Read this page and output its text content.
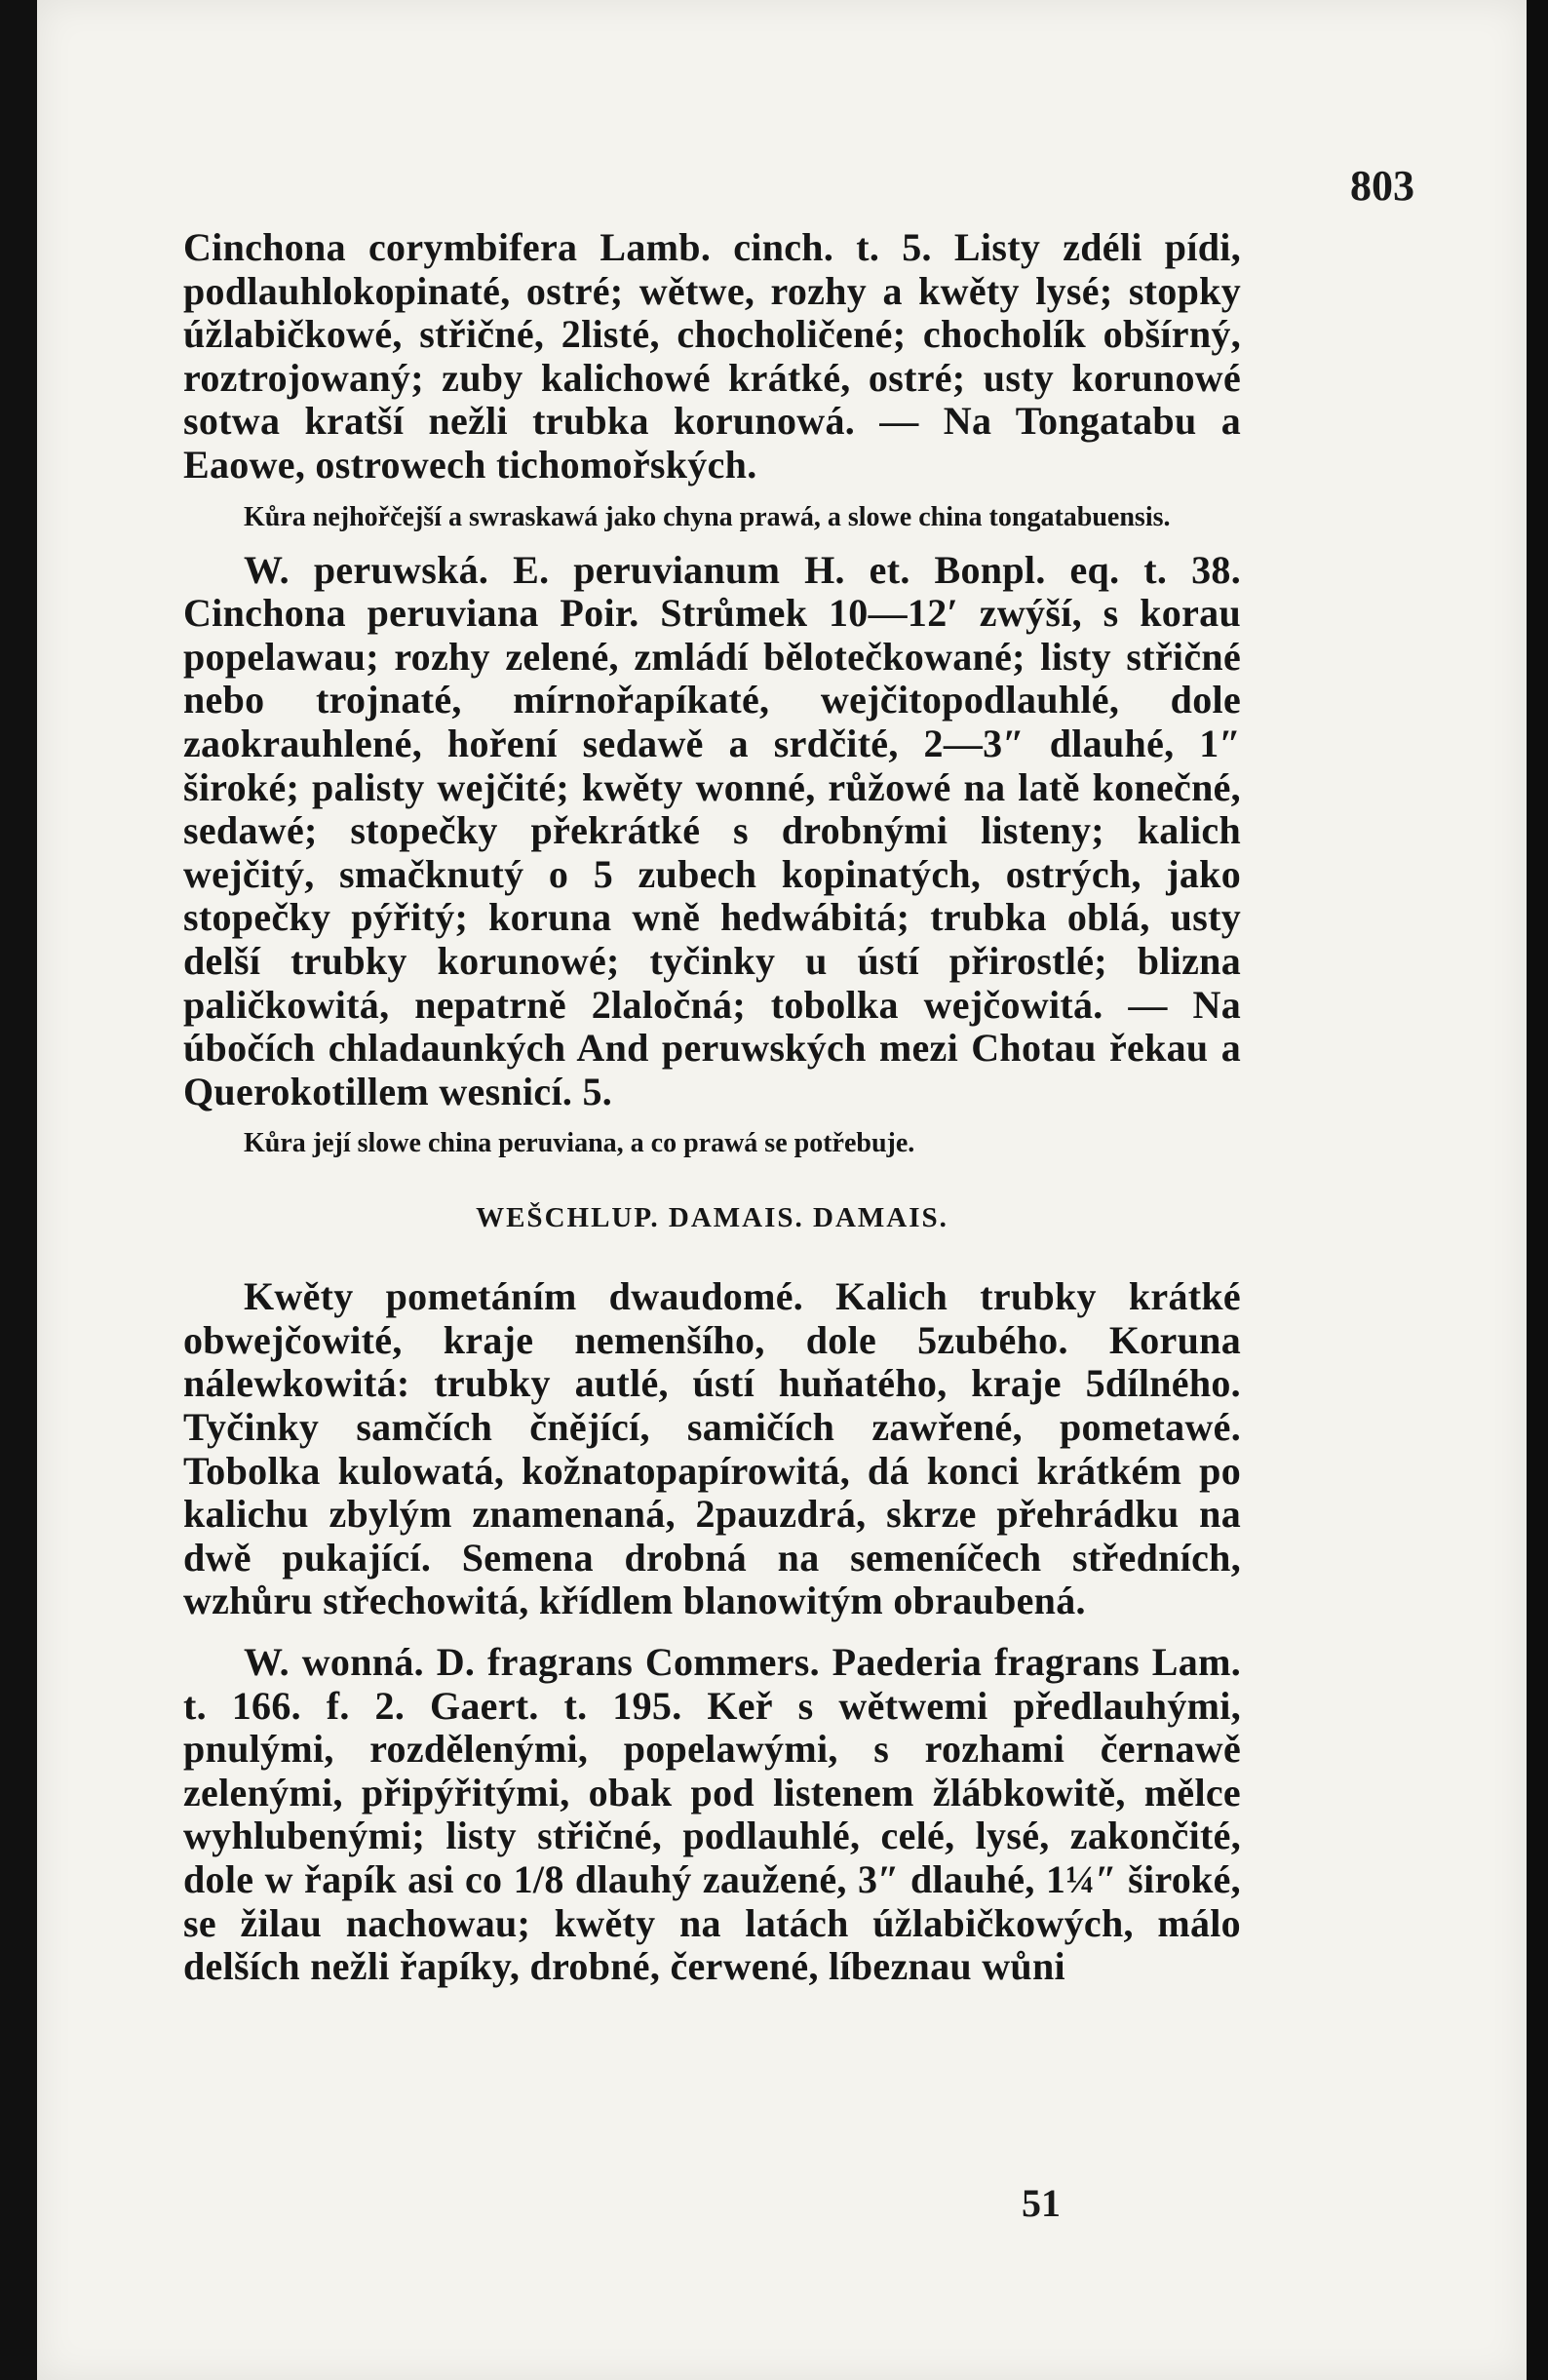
803

Cinchona corymbifera Lamb. cinch. t. 5. Listy zdéli pídi, podlauhlokopinaté, ostré; wětwe, rozhy a kwěty lysé; stopky úžlabičkowé, střičné, 2listé, chocholičené; chocholík obšírný, roztrojowaný; zuby kalichowé krátké, ostré; usty korunowé sotwa kratší nežli trubka korunowá. — Na Tongatabu a Eaowe, ostrowech tichomořských.

Kůra nejhořčejší a swraskawá jako chyna prawá, a slowe china tongatabuensis.

W. peruwská. E. peruvianum H. et. Bonpl. eq. t. 38. Cinchona peruviana Poir. Strůmek 10—12′ zwýší, s korau popelawau; rozhy zelené, zmládí bělotečkowané; listy střičné nebo trojnaté, mírnořapíkaté, wejčitopodlauhlé, dole zaokrauhlené, hoření sedawě a srdčité, 2—3″ dlauhé, 1″ široké; palisty wejčité; kwěty wonné, růžowé na latě konečné, sedawé; stopečky překrátké s drobnými listeny; kalich wejčitý, smačknutý o 5 zubech kopinatých, ostrých, jako stopečky pýřitý; koruna wně hedwábitá; trubka oblá, usty delší trubky korunowé; tyčinky u ústí přirostlé; blizna paličkowitá, nepatrně 2laločná; tobolka wejčowitá. — Na úbočích chladaunkých And peruwských mezi Chotau řekau a Querokotillem wesnicí. 5.

Kůra její slowe china peruviana, a co prawá se potřebuje.

WEŠCHLUP. DAMAIS. DAMAIS.

Kwěty pometáním dwaudomé. Kalich trubky krátké obwejčowité, kraje nemenšího, dole 5zubého. Koruna nálewkowitá: trubky autlé, ústí huňatého, kraje 5dílného. Tyčinky samčích čnějící, samičích zawřené, pometawé. Tobolka kulowatá, kožnatopapírowitá, dá konci krátkém po kalichu zbylým znamenaná, 2pauzdrá, skrze přehrádku na dwě pukající. Semena drobná na semeníčech středních, wzhůru střechowitá, křídlem blanowitým obraubená.

W. wonná. D. fragrans Commers. Paederia fragrans Lam. t. 166. f. 2. Gaert. t. 195. Keř s wětwemi předlauhými, pnulými, rozdělenými, popelawými, s rozhami černawě zelenými, připýřitými, obak pod listenem žlábkowitě, mělce wyhlubenými; listy střičné, podlauhlé, celé, lysé, zakončité, dole w řapík asi co 1/8 dlauhý zaužené, 3″ dlauhé, 1¼″ široké, se žilau nachowau; kwěty na latách úžlabičkowých, málo delších nežli řapíky, drobné, čerwené, líbeznau wůni

51
